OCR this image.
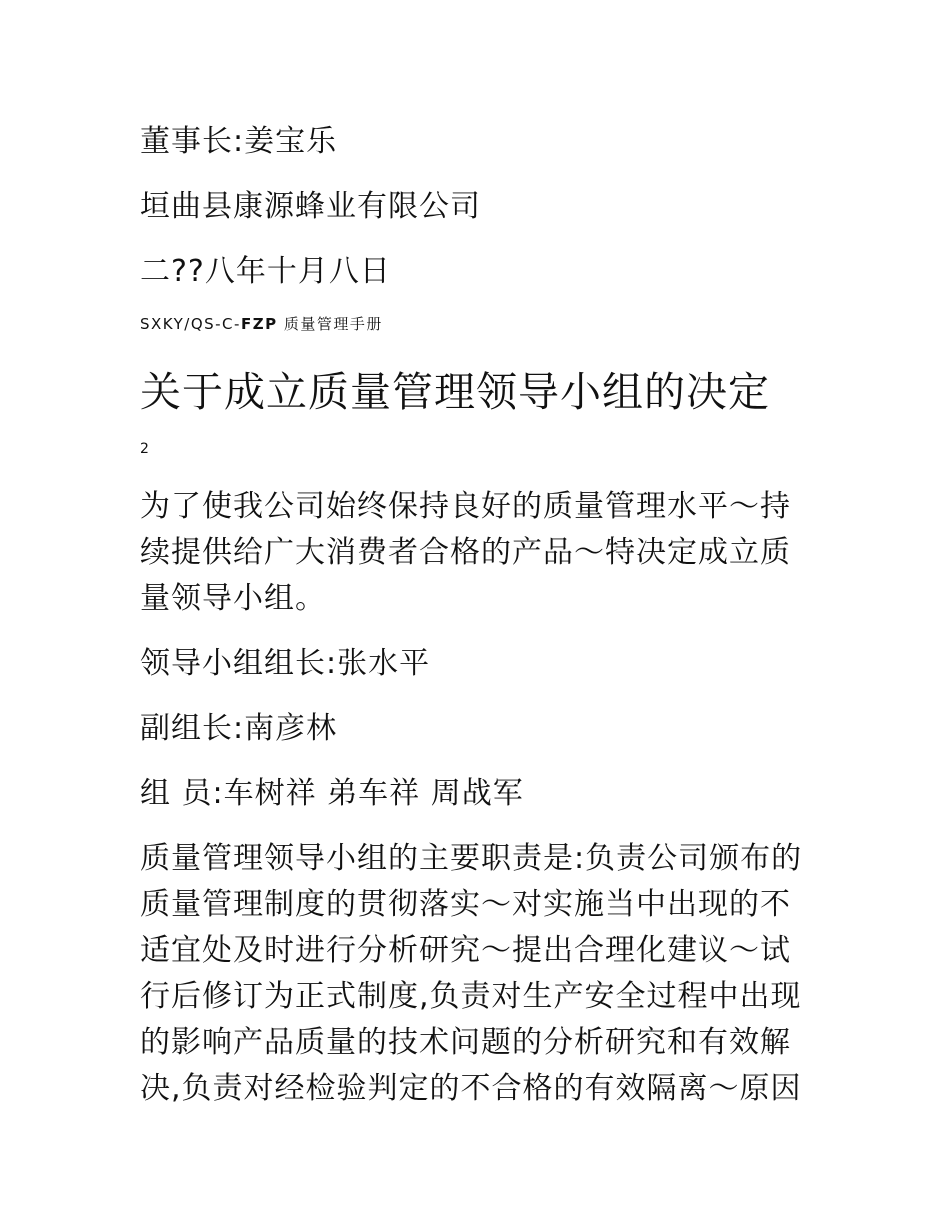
董事长:姜宝乐
垣曲县康源蜂业有限公司
二??八年十月八日
SXKY/QS-C-FZP 质量管理手册
关于成立质量管理领导小组的决定
2
为了使我公司始终保持良好的质量管理水平～持
续提供给广大消费者合格的产品～特决定成立质
量领导小组。
领导小组组长:张水平
副组长:南彦林
组 员:车树祥 弟车祥 周战军
质量管理领导小组的主要职责是:负责公司颁布的
质量管理制度的贯彻落实～对实施当中出现的不
适宜处及时进行分析研究～提出合理化建议～试
行后修订为正式制度,负责对生产安全过程中出现
的影响产品质量的技术问题的分析研究和有效解
决,负责对经检验判定的不合格的有效隔离～原因
